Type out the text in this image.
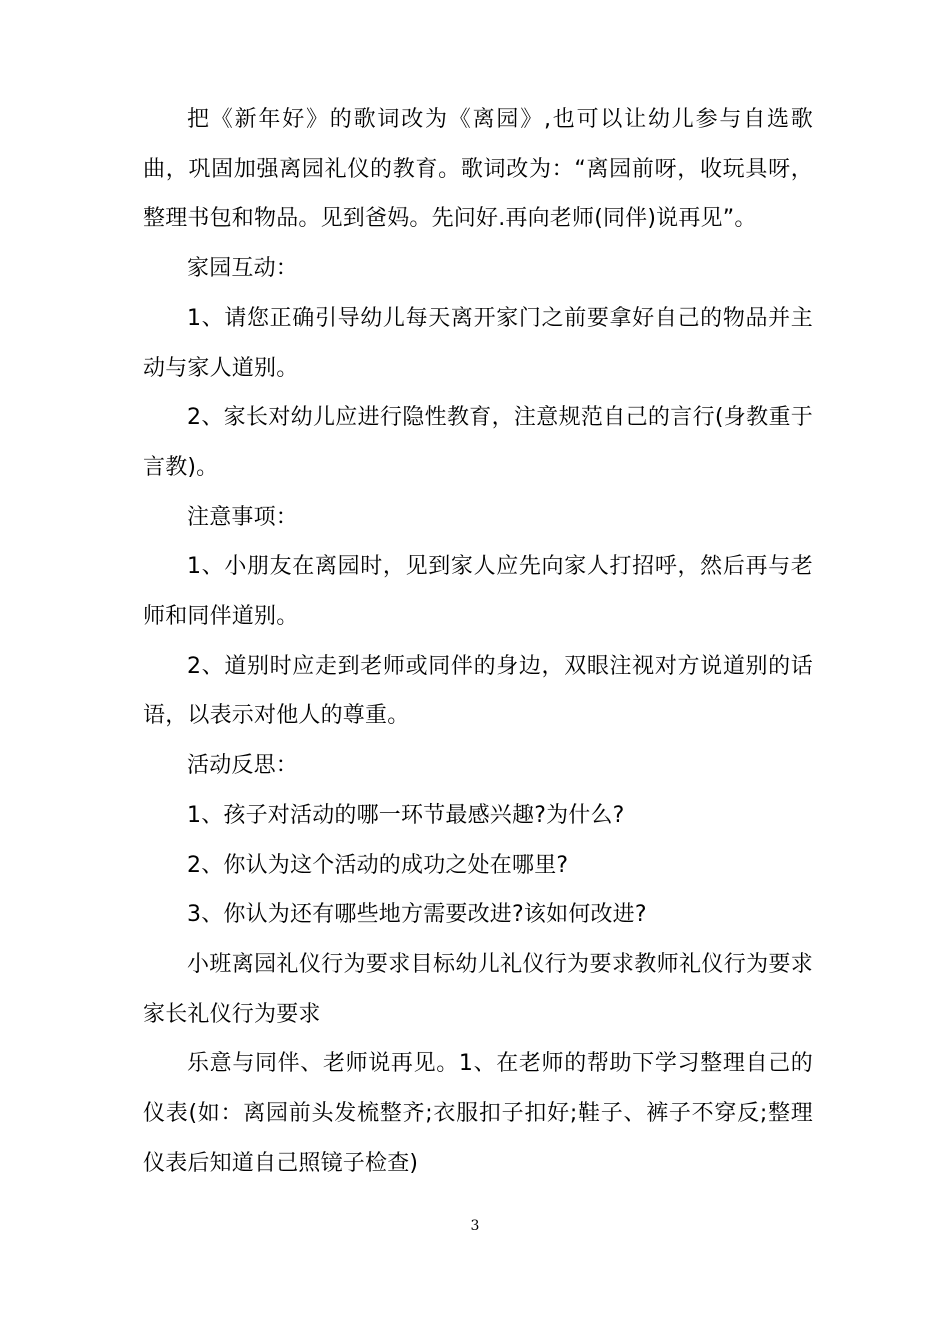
把《新年好》的歌词改为《离园》,也可以让幼儿参与自选歌曲，巩固加强离园礼仪的教育。歌词改为：“离园前呀，收玩具呀，整理书包和物品。见到爸妈。先问好.再向老师(同伴)说再见”。

家园互动：

1、请您正确引导幼儿每天离开家门之前要拿好自己的物品并主动与家人道别。

2、家长对幼儿应进行隐性教育，注意规范自己的言行(身教重于言教)。

注意事项：

1、小朋友在离园时，见到家人应先向家人打招呼，然后再与老师和同伴道别。

2、道别时应走到老师或同伴的身边，双眼注视对方说道别的话语，以表示对他人的尊重。

活动反思：

1、孩子对活动的哪一环节最感兴趣?为什么?

2、你认为这个活动的成功之处在哪里?

3、你认为还有哪些地方需要改进?该如何改进?

小班离园礼仪行为要求目标幼儿礼仪行为要求教师礼仪行为要求家长礼仪行为要求

乐意与同伴、老师说再见。1、在老师的帮助下学习整理自己的仪表(如：离园前头发梳整齐;衣服扣子扣好;鞋子、裤子不穿反;整理仪表后知道自己照镜子检查)

3
